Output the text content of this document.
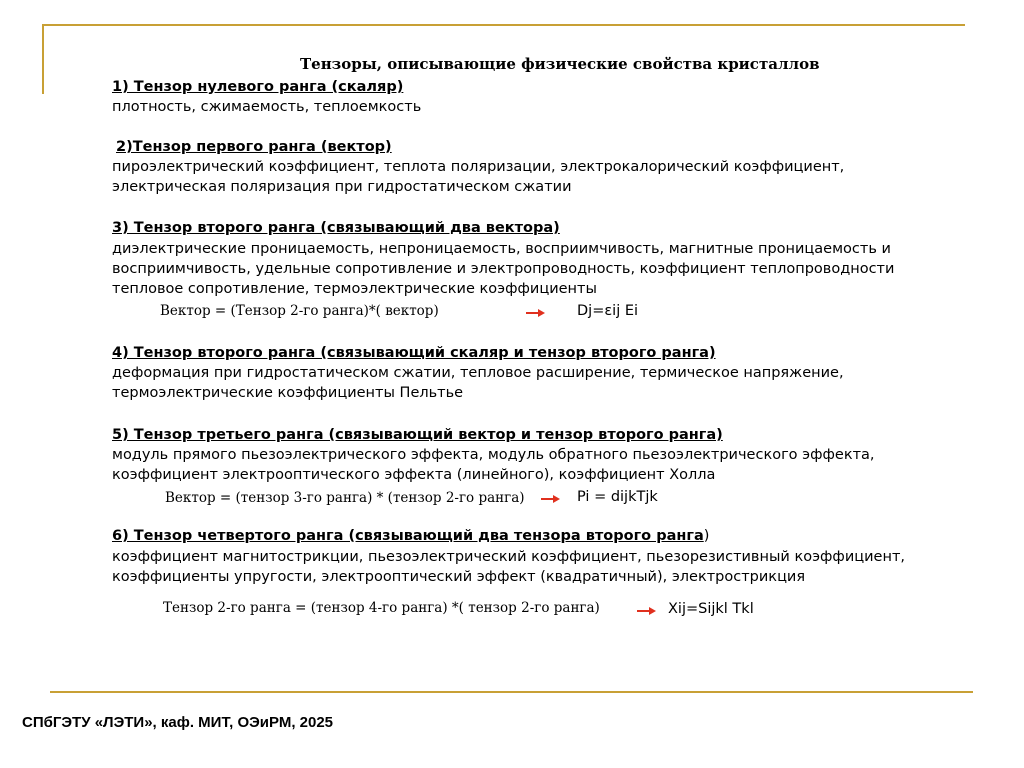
Тензоры, описывающие физические свойства кристаллов
1) Тензор нулевого ранга (скаляр)
плотность, сжимаемость, теплоемкость
2)Тензор первого ранга (вектор)
пироэлектрический коэффициент, теплота поляризации, электрокалорический коэффициент,
электрическая поляризация при гидростатическом сжатии
3) Тензор второго ранга (связывающий два вектора)
диэлектрические проницаемость, непроницаемость, восприимчивость, магнитные проницаемость и
восприимчивость, удельные сопротивление и электропроводность, коэффициент теплопроводности
тепловое сопротивление, термоэлектрические коэффициенты
Вектор = (Тензор 2-го ранга)*( вектор)	Dj=εij Ei
4) Тензор второго ранга (связывающий скаляр и тензор второго ранга)
деформация при гидростатическом сжатии, тепловое расширение, термическое напряжение,
термоэлектрические коэффициенты Пельтье
5) Тензор третьего ранга (связывающий вектор и тензор второго ранга)
модуль прямого пьезоэлектрического эффекта, модуль обратного пьезоэлектрического эффекта,
коэффициент электрооптического эффекта (линейного), коэффициент Холла
Вектор = (тензор 3-го ранга) * (тензор 2-го ранга)	Pi = dijkTjk
6) Тензор четвертого ранга (связывающий два тензора второго ранга)
коэффициент магнитострикции, пьезоэлектрический коэффициент, пьезорезистивный коэффициент,
коэффициенты упругости, электрооптический эффект (квадратичный), электрострикция
Тензор 2-го ранга = (тензор 4-го ранга) *( тензор 2-го ранга)	Xij=Sijkl Tkl
СПбГЭТУ «ЛЭТИ», каф. МИТ, ОЭиРМ, 2025
